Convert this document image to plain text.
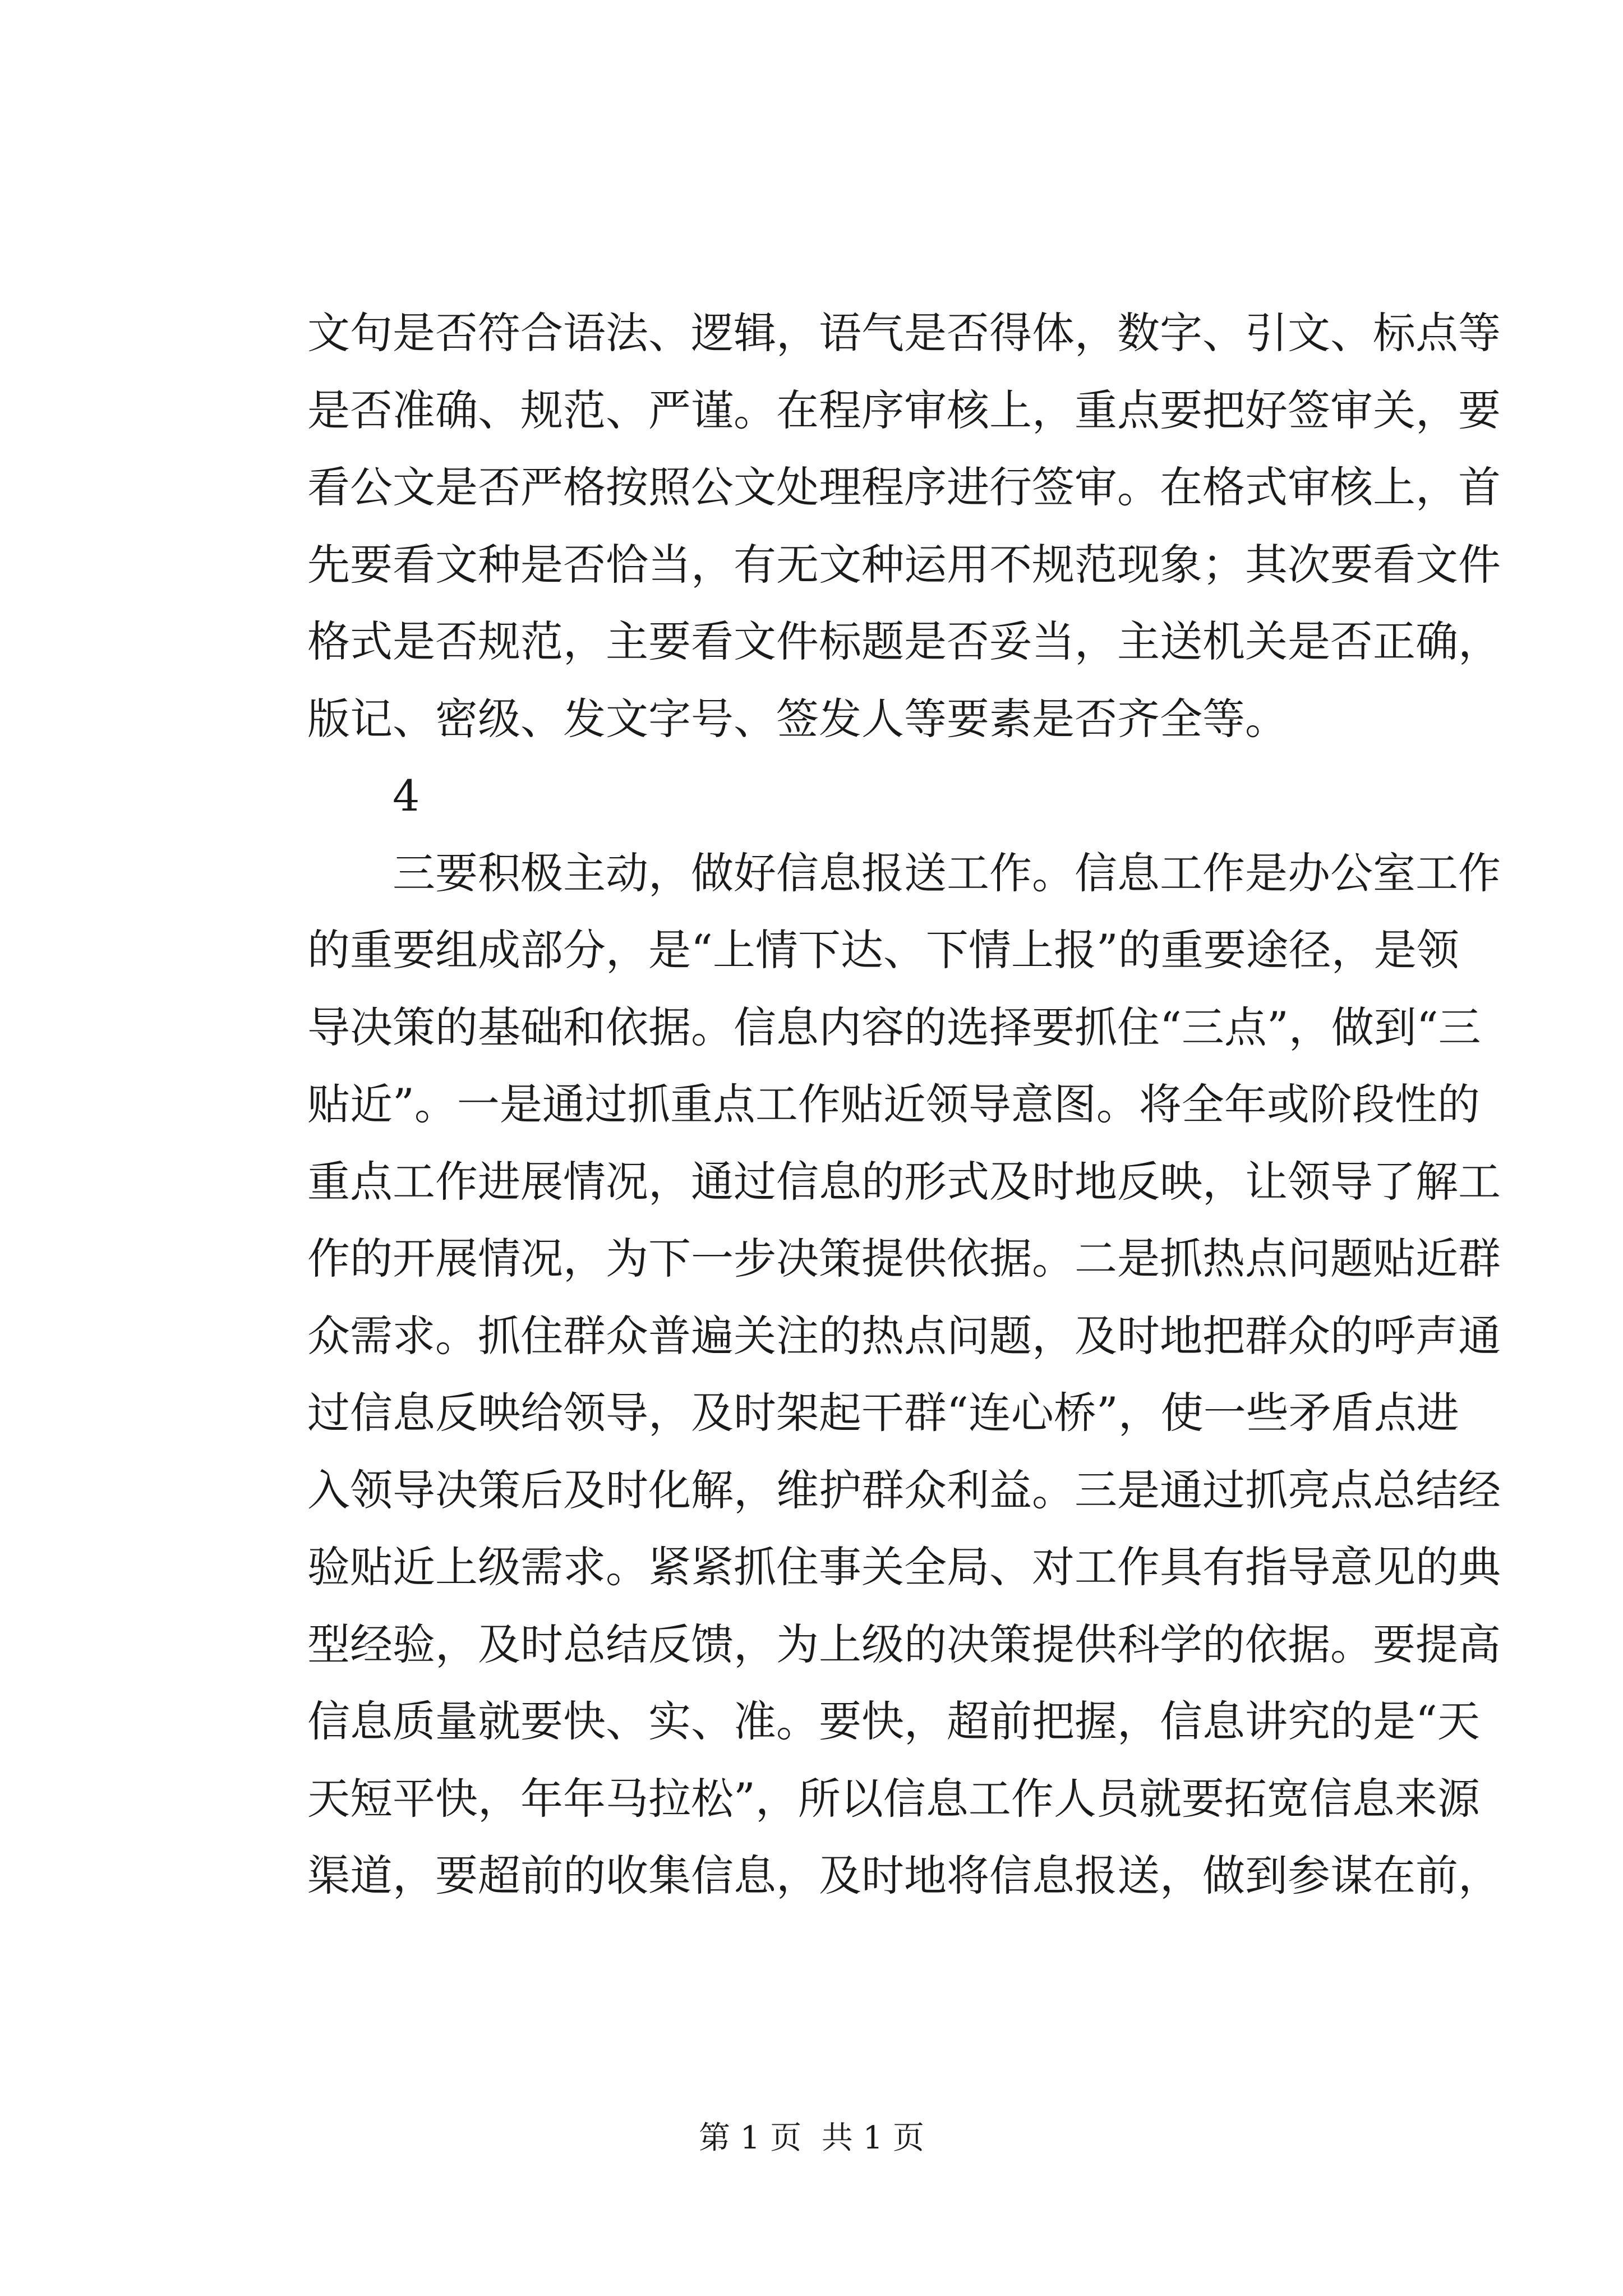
文句是否符合语法、逻辑，语气是否得体，数字、引文、标点等
是否准确、规范、严谨。在程序审核上，重点要把好签审关，要
看公文是否严格按照公文处理程序进行签审。在格式审核上，首
先要看文种是否恰当，有无文种运用不规范现象；其次要看文件
格式是否规范，主要看文件标题是否妥当，主送机关是否正确，
版记、密级、发文字号、签发人等要素是否齐全等。
4
三要积极主动，做好信息报送工作。信息工作是办公室工作
的重要组成部分，是“上情下达、下情上报”的重要途径，是领
导决策的基础和依据。信息内容的选择要抓住“三点”，做到“三
贴近”。一是通过抓重点工作贴近领导意图。将全年或阶段性的
重点工作进展情况，通过信息的形式及时地反映，让领导了解工
作的开展情况，为下一步决策提供依据。二是抓热点问题贴近群
众需求。抓住群众普遍关注的热点问题，及时地把群众的呼声通
过信息反映给领导，及时架起干群“连心桥”，使一些矛盾点进
入领导决策后及时化解，维护群众利益。三是通过抓亮点总结经
验贴近上级需求。紧紧抓住事关全局、对工作具有指导意见的典
型经验，及时总结反馈，为上级的决策提供科学的依据。要提高
信息质量就要快、实、准。要快，超前把握，信息讲究的是“天
天短平快，年年马拉松”，所以信息工作人员就要拓宽信息来源
渠道，要超前的收集信息，及时地将信息报送，做到参谋在前，
第 1 页  共 1 页
